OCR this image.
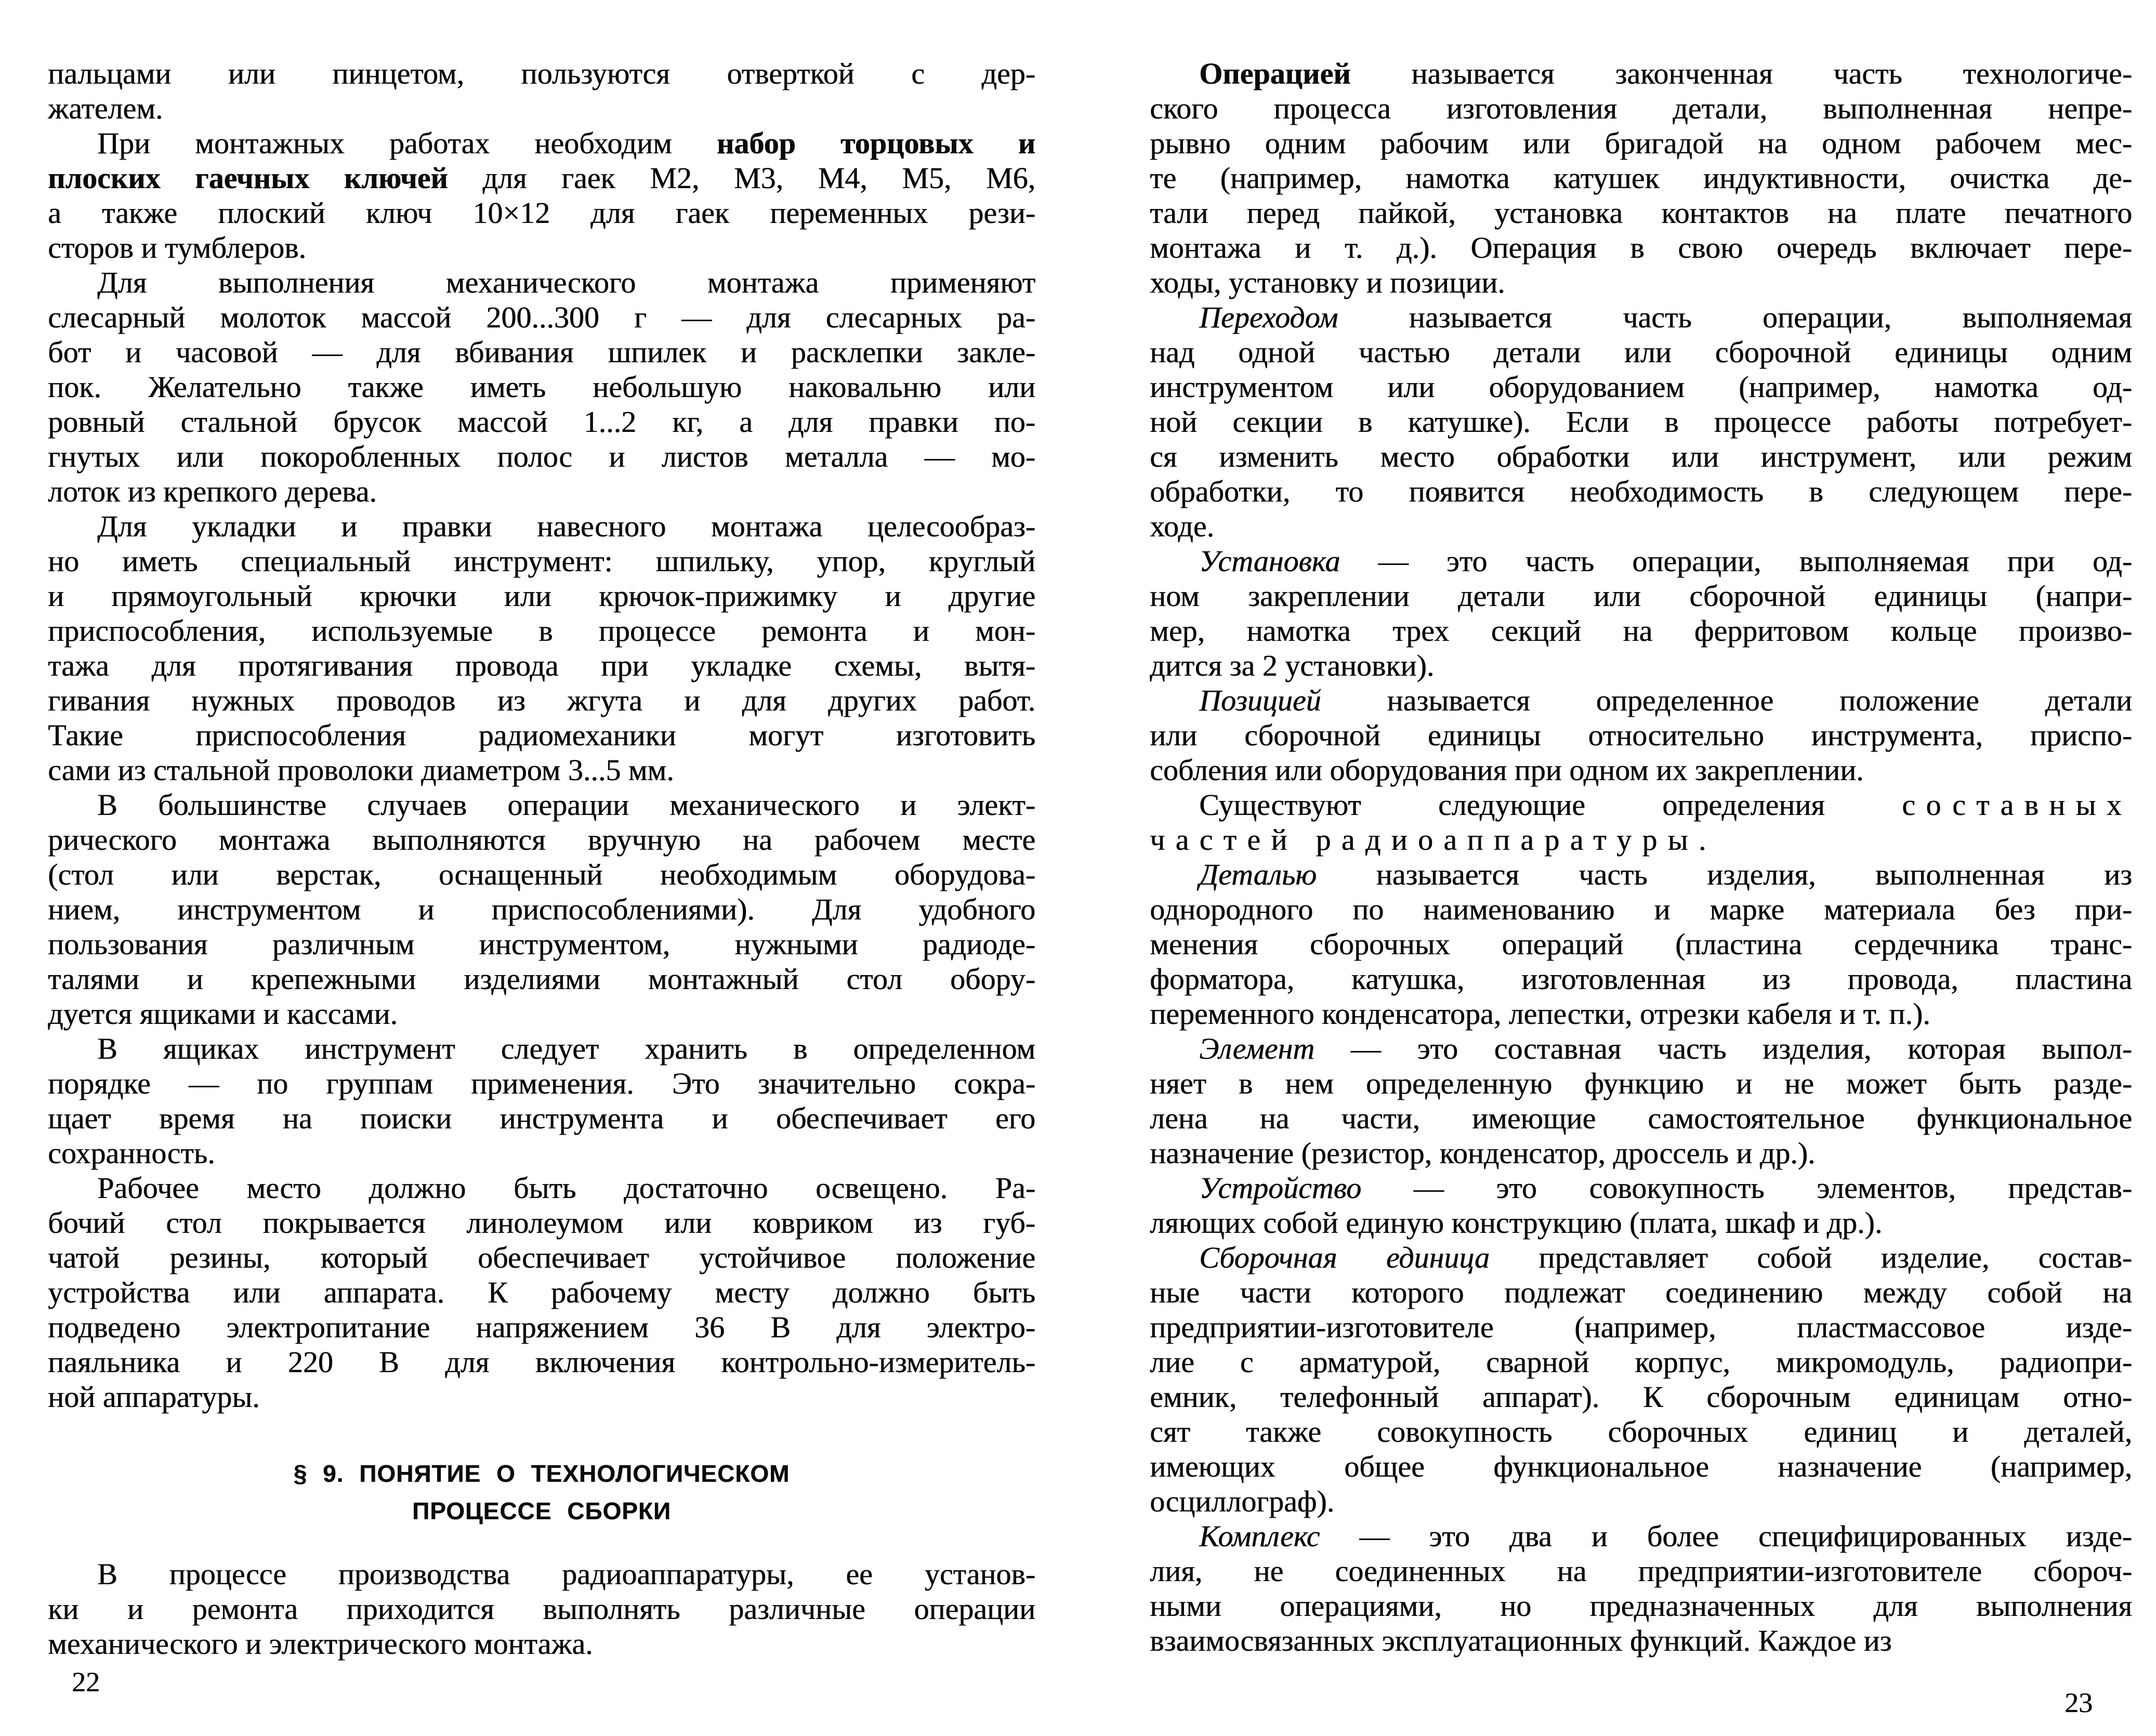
пальцами или пинцетом, пользуются отверткой с дер-
жателем.
При монтажных работах необходим набор торцовых и
плоских гаечных ключей для гаек М2, М3, М4, М5, М6,
а также плоский ключ 10×12 для гаек переменных рези-
сторов и тумблеров.
Для выполнения механического монтажа применяют
слесарный молоток массой 200...300 г — для слесарных ра-
бот и часовой — для вбивания шпилек и расклепки закле-
пок. Желательно также иметь небольшую наковальню или
ровный стальной брусок массой 1...2 кг, а для правки по-
гнутых или покоробленных полос и листов металла — мо-
лоток из крепкого дерева.
Для укладки и правки навесного монтажа целесообраз-
но иметь специальный инструмент: шпильку, упор, круглый
и прямоугольный крючки или крючок-прижимку и другие
приспособления, используемые в процессе ремонта и мон-
тажа для протягивания провода при укладке схемы, вытя-
гивания нужных проводов из жгута и для других работ.
Такие приспособления радиомеханики могут изготовить
сами из стальной проволоки диаметром 3...5 мм.
В большинстве случаев операции механического и элект-
рического монтажа выполняются вручную на рабочем месте
(стол или верстак, оснащенный необходимым оборудова-
нием, инструментом и приспособлениями). Для удобного
пользования различным инструментом, нужными радиоде-
талями и крепежными изделиями монтажный стол обору-
дуется ящиками и кассами.
В ящиках инструмент следует хранить в определенном
порядке — по группам применения. Это значительно сокра-
щает время на поиски инструмента и обеспечивает его
сохранность.
Рабочее место должно быть достаточно освещено. Ра-
бочий стол покрывается линолеумом или ковриком из губ-
чатой резины, который обеспечивает устойчивое положение
устройства или аппарата. К рабочему месту должно быть
подведено электропитание напряжением 36 В для электро-
паяльника и 220 В для включения контрольно-измеритель-
ной аппаратуры.
§ 9. ПОНЯТИЕ О ТЕХНОЛОГИЧЕСКОМ
ПРОЦЕССЕ СБОРКИ
В процессе производства радиоаппаратуры, ее установ-
ки и ремонта приходится выполнять различные операции
механического и электрического монтажа.
Операцией называется законченная часть технологиче-
ского процесса изготовления детали, выполненная непре-
рывно одним рабочим или бригадой на одном рабочем мес-
те (например, намотка катушек индуктивности, очистка де-
тали перед пайкой, установка контактов на плате печатного
монтажа и т. д.). Операция в свою очередь включает пере-
ходы, установку и позиции.
Переходом называется часть операции, выполняемая
над одной частью детали или сборочной единицы одним
инструментом или оборудованием (например, намотка од-
ной секции в катушке). Если в процессе работы потребует-
ся изменить место обработки или инструмент, или режим
обработки, то появится необходимость в следующем пере-
ходе.
Установка — это часть операции, выполняемая при од-
ном закреплении детали или сборочной единицы (напри-
мер, намотка трех секций на ферритовом кольце произво-
дится за 2 установки).
Позицией называется определенное положение детали
или сборочной единицы относительно инструмента, приспо-
собления или оборудования при одном их закреплении.
Существуют следующие определения составных
частей радиоаппаратуры.
Деталью называется часть изделия, выполненная из
однородного по наименованию и марке материала без при-
менения сборочных операций (пластина сердечника транс-
форматора, катушка, изготовленная из провода, пластина
переменного конденсатора, лепестки, отрезки кабеля и т. п.).
Элемент — это составная часть изделия, которая выпол-
няет в нем определенную функцию и не может быть разде-
лена на части, имеющие самостоятельное функциональное
назначение (резистор, конденсатор, дроссель и др.).
Устройство — это совокупность элементов, представ-
ляющих собой единую конструкцию (плата, шкаф и др.).
Сборочная единица представляет собой изделие, состав-
ные части которого подлежат соединению между собой на
предприятии-изготовителе (например, пластмассовое изде-
лие с арматурой, сварной корпус, микромодуль, радиопри-
емник, телефонный аппарат). К сборочным единицам отно-
сят также совокупность сборочных единиц и деталей,
имеющих общее функциональное назначение (например,
осциллограф).
Комплекс — это два и более специфицированных изде-
лия, не соединенных на предприятии-изготовителе сбороч-
ными операциями, но предназначенных для выполнения
взаимосвязанных эксплуатационных функций. Каждое из
22
23
